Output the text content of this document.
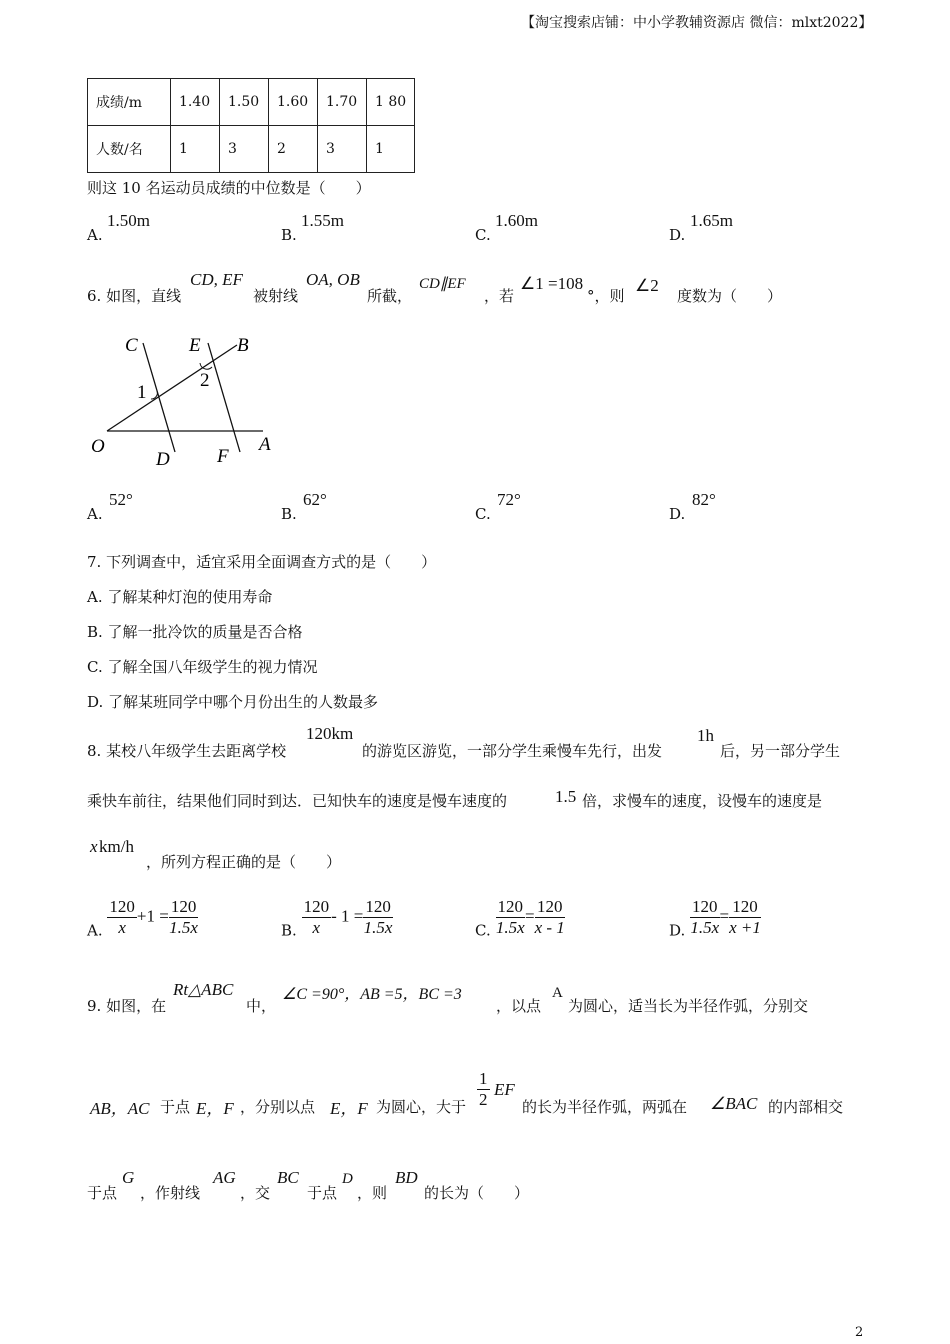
【淘宝搜索店铺：中小学教辅资源店 微信：mlxt2022】
成绩/m	1.40	1.50	1.60	1.70	1 80
人数/名	1	3	2	3	1
则这 10 名运动员成绩的中位数是（　　）
A.
1.50m
B.
1.55m
C.
1.60m
D.
1.65m
6. 如图，直线
CD, EF
被射线
OA, OB
所截，
CD∥EF
，若
∠1 =108
°，则
∠2
度数为（　　）
C	E B
1
2
O
D F
A
A.
52°
B.
62°
C.
72°
D.
82°
7. 下列调查中，适宜采用全面调查方式的是（　　）
A. 了解某种灯泡的使用寿命
B. 了解一批冷饮的质量是否合格
C. 了解全国八年级学生的视力情况
D. 了解某班同学中哪个月份出生的人数最多
8. 某校八年级学生去距离学校
120km
的游览区游览，一部分学生乘慢车先行，出发
1h
后，另一部分学生
乘快车前往，结果他们同时到达．已知快车的速度是慢车速度的	1.5 倍，求慢车的速度，设慢车的速度是
x km/h
，所列方程正确的是（　　）
A. $\frac{120}{x} +1 = \frac{120}{1.5x}$	B. $\frac{120}{x} - 1 = \frac{120}{1.5x}$	C. $\frac{120}{1.5x} = \frac{120}{x - 1}$	D. $\frac{120}{1.5x} = \frac{120}{x +1}$
9. 如图，在
Rt△ABC
中，
∠C =90°，AB =5，BC =3
，以点
A
为圆心，适当长为半径作弧，分别交
AB，AC 于点 E，F ，分别以点 E，F 为圆心，大于 $\frac{1}{2}$ EF
的长为半径作弧，两弧在 ∠BAC 的内部相交
于点
G
，作射线
AG
，交
BC
于点
D
，则
BD
的长为（　　）
2
